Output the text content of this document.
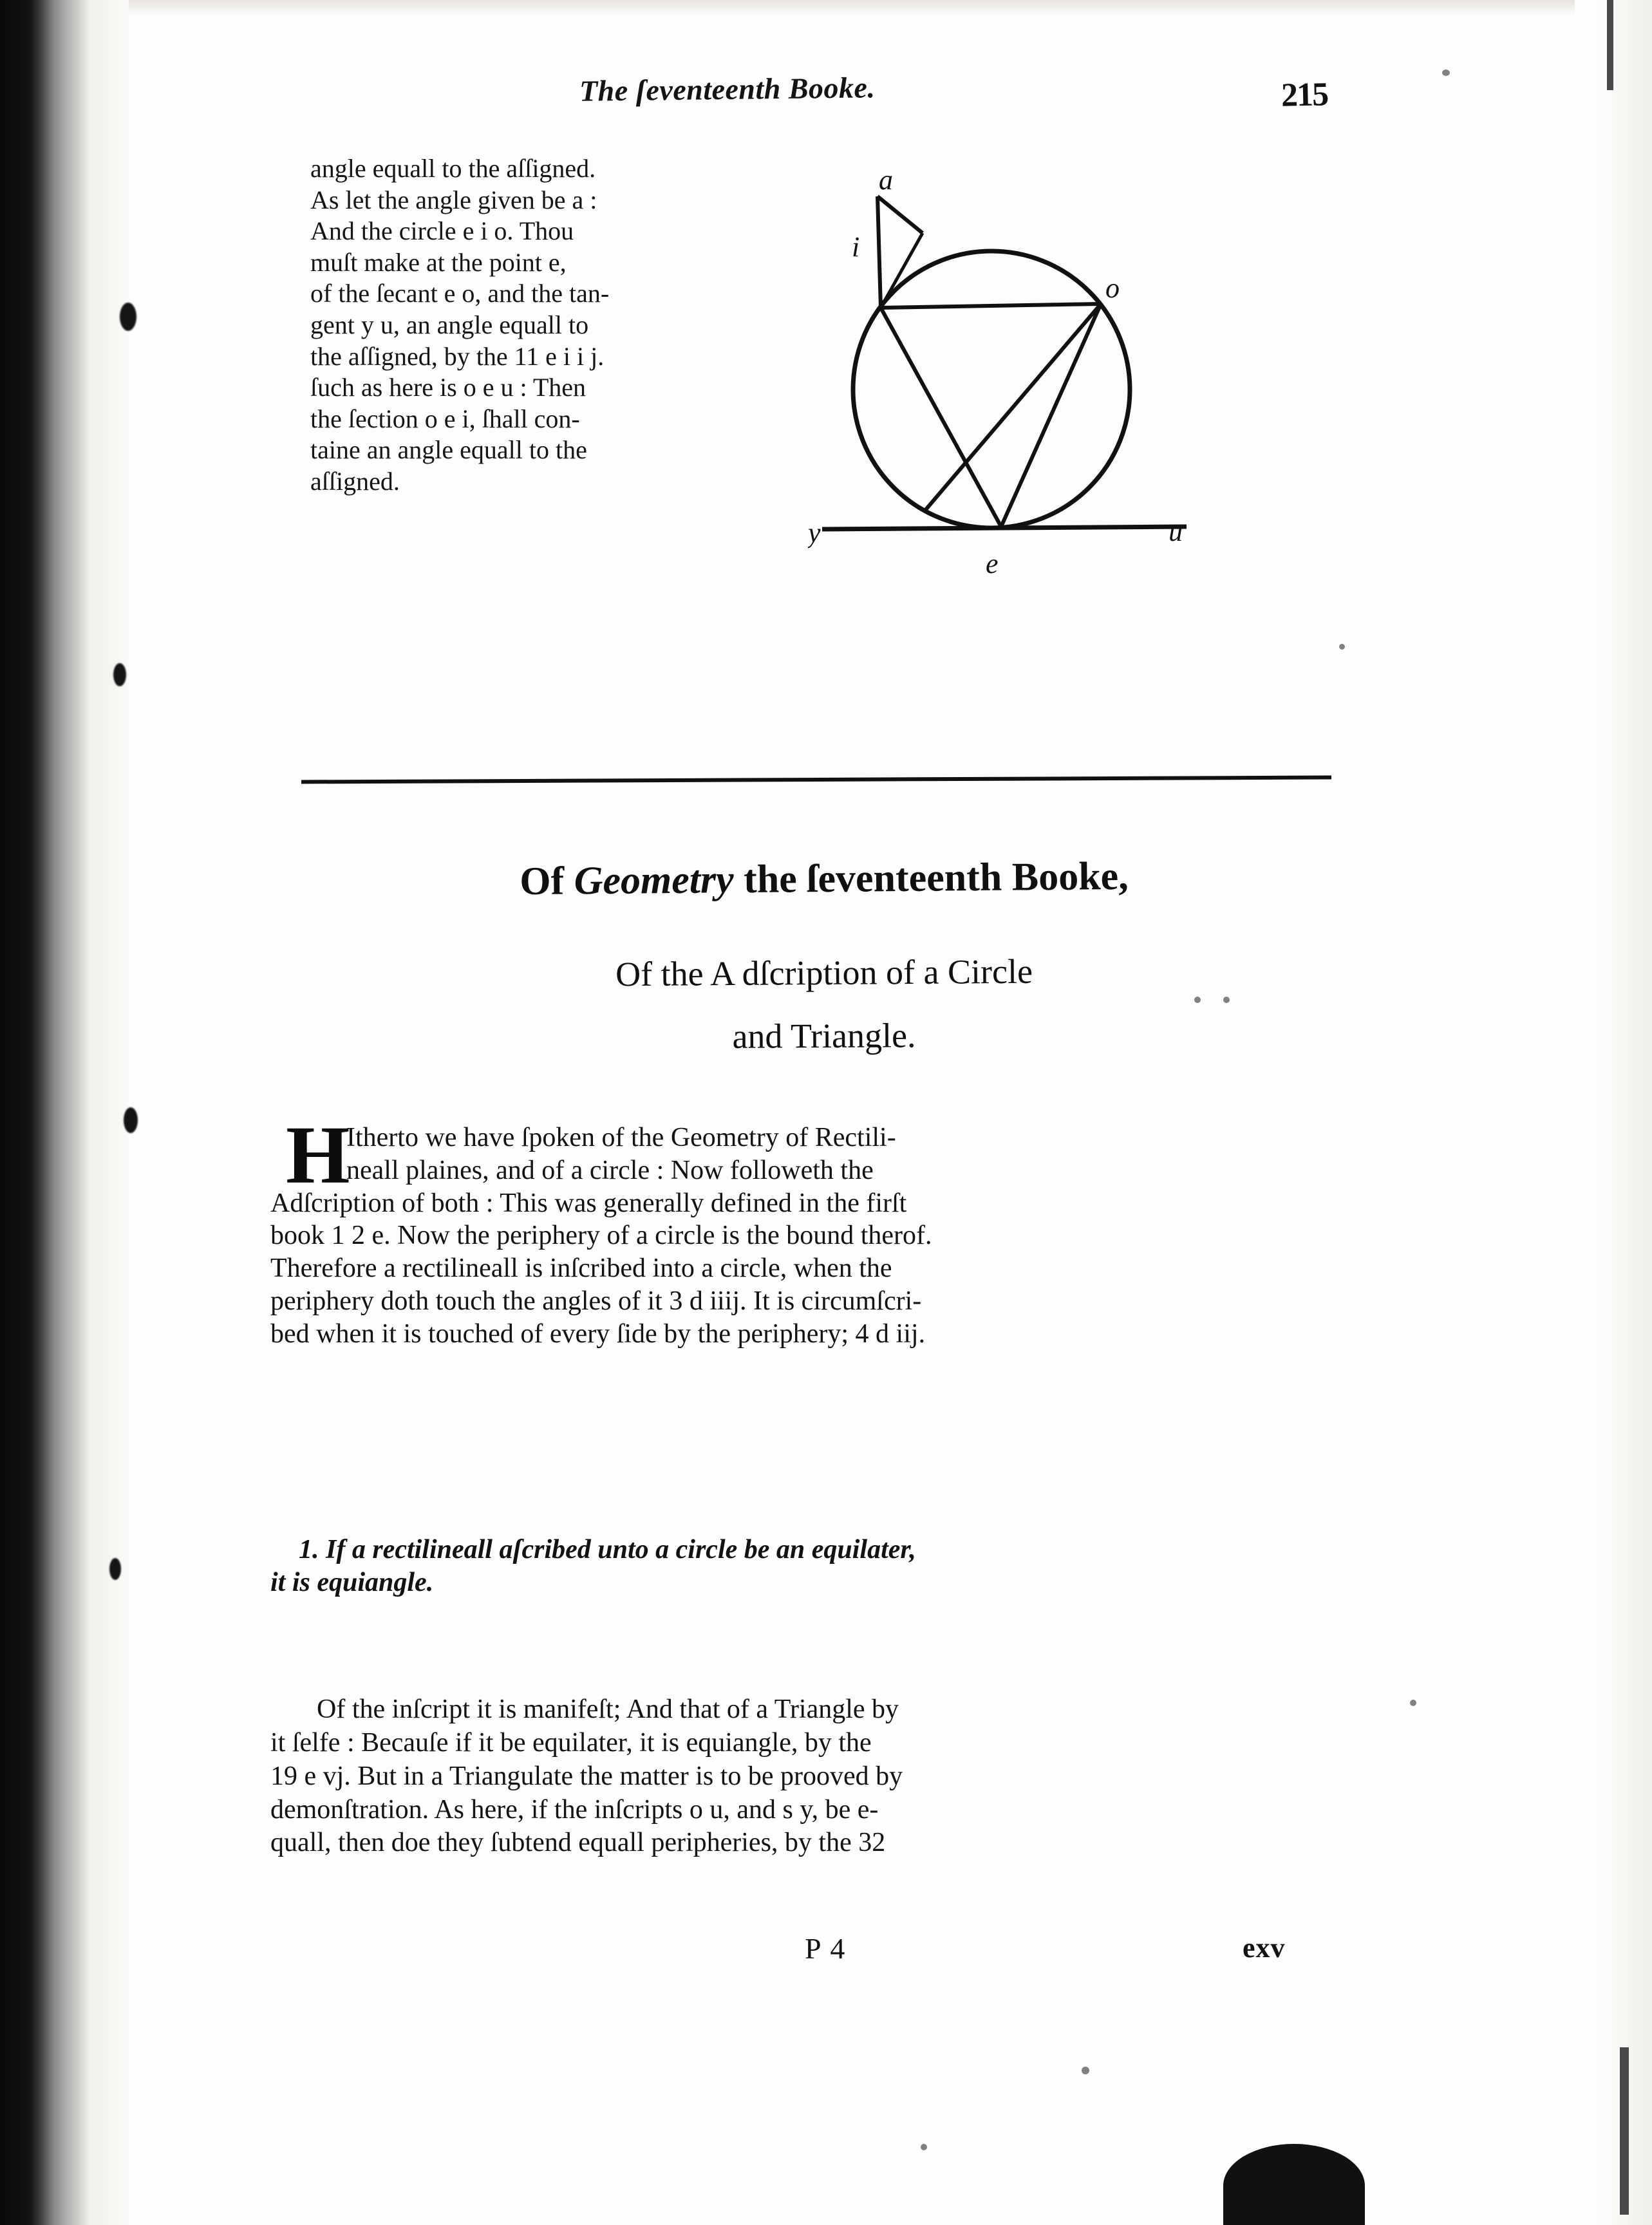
The ſeventeenth Booke.	215
angle equall to the aſſigned.
As let the angle given be a :
And the circle e i o. Thou
muſt make at the point e,
of the ſecant e o, and the tan-
gent y u, an angle equall to
the aſſigned, by the 11 e i i j.
ſuch as here is o e u : Then
the ſection o e i, ſhall con-
taine an angle equall to the
aſſigned.
a
i
o
e
y	u
Of Geometry the ſeventeenth Booke,
Of the A dſcription of a Circle
and Triangle.
H
Itherto we have ſpoken of the Geometry of Rectili-
neall plaines, and of a circle : Now followeth the
Adſcription of both : This was generally defined in the firſt
book 1 2 e. Now the periphery of a circle is the bound therof.
Therefore a rectilineall is inſcribed into a circle, when the
periphery doth touch the angles of it 3 d iiij. It is circumſcri-
bed when it is touched of every ſide by the periphery; 4 d iij.
1. If a rectilineall aſcribed unto a circle be an equilater,
it is equiangle.
Of the inſcript it is manifeſt; And that of a Triangle by
it ſelfe : Becauſe if it be equilater, it is equiangle, by the
19 e vj. But in a Triangulate the matter is to be prooved by
demonſtration. As here, if the inſcripts o u, and s y, be e-
quall, then doe they ſubtend equall peripheries, by the 32
P 4	exv
